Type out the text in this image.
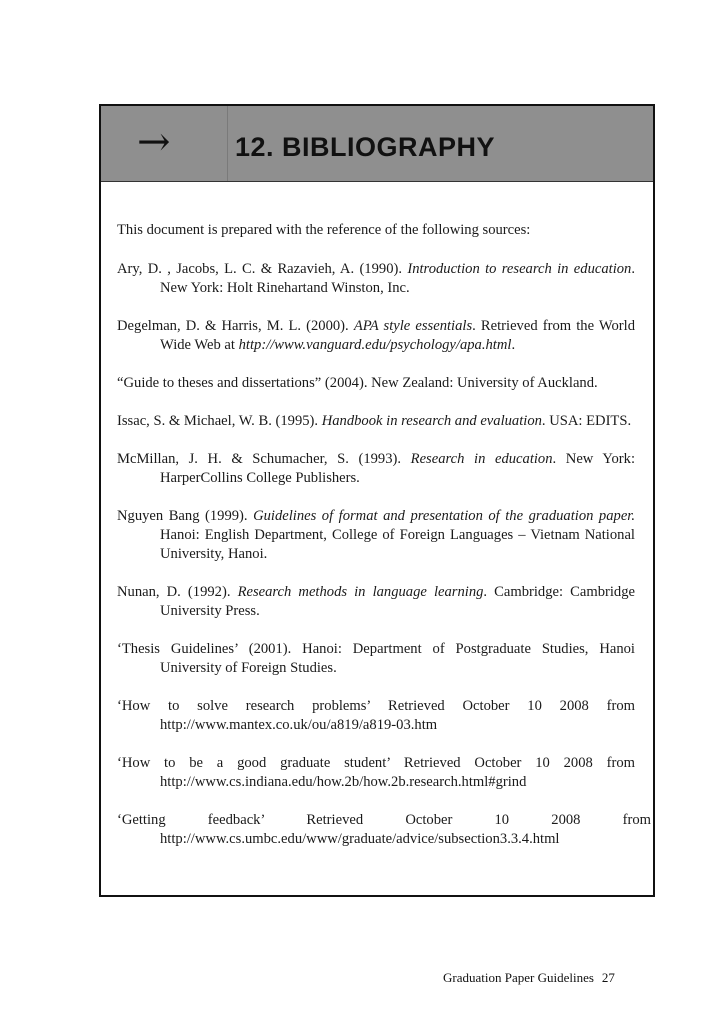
→ 12. BIBLIOGRAPHY

This document is prepared with the reference of the following sources:

Ary, D. , Jacobs, L. C. & Razavieh, A. (1990). Introduction to research in education. New York: Holt Rinehartand Winston, Inc.

Degelman, D. & Harris, M. L. (2000). APA style essentials. Retrieved from the World Wide Web at http://www.vanguard.edu/psychology/apa.html.

“Guide to theses and dissertations” (2004). New Zealand: University of Auckland.

Issac, S. & Michael, W. B. (1995). Handbook in research and evaluation. USA: EDITS.

McMillan, J. H. & Schumacher, S. (1993). Research in education. New York: HarperCollins College Publishers.

Nguyen Bang (1999). Guidelines of format and presentation of the graduation paper. Hanoi: English Department, College of Foreign Languages – Vietnam National University, Hanoi.

Nunan, D. (1992). Research methods in language learning. Cambridge: Cambridge University Press.

‘Thesis Guidelines’ (2001). Hanoi: Department of Postgraduate Studies, Hanoi University of Foreign Studies.

‘How to solve research problems’ Retrieved October 10 2008 from http://www.mantex.co.uk/ou/a819/a819-03.htm

‘How to be a good graduate student’ Retrieved October 10 2008 from http://www.cs.indiana.edu/how.2b/how.2b.research.html#grind

‘Getting feedback’ Retrieved October 10 2008 from http://www.cs.umbc.edu/www/graduate/advice/subsection3.3.4.html

Graduation Paper Guidelines 27
